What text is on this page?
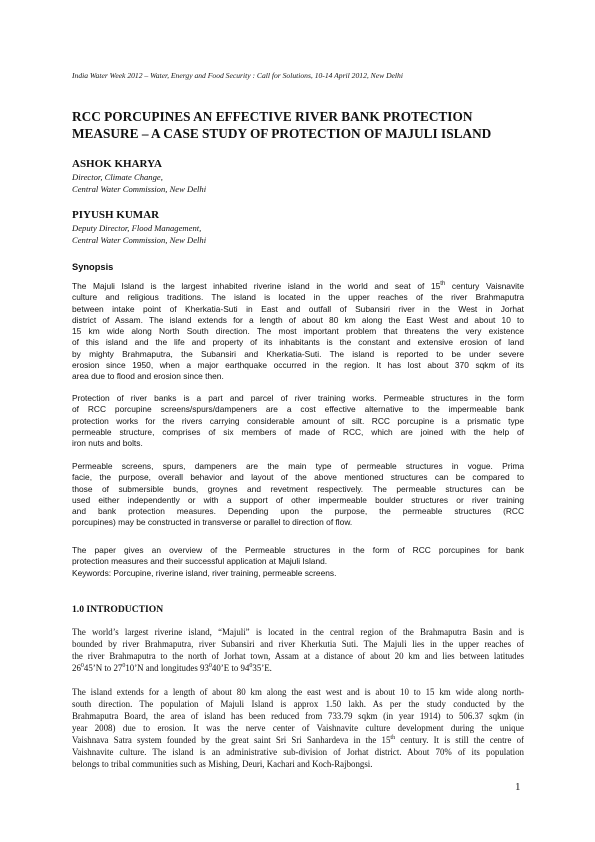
India Water Week 2012 – Water, Energy and Food Security : Call for Solutions, 10-14 April 2012, New Delhi
RCC PORCUPINES AN EFFECTIVE RIVER BANK PROTECTION
MEASURE – A CASE STUDY OF PROTECTION OF MAJULI ISLAND
ASHOK KHARYA
Director, Climate Change,
Central Water Commission, New Delhi
PIYUSH KUMAR
Deputy Director, Flood Management,
Central Water Commission, New Delhi
Synopsis
The Majuli Island is the largest inhabited riverine island in the world and seat of 15th century Vaisnavite
culture and religious traditions. The island is located in the upper reaches of the river Brahmaputra
between intake point of Kherkatia-Suti in East and outfall of Subansiri river in the West in Jorhat
district of Assam. The island extends for a length of about 80 km along the East West and about 10 to
15 km wide along North South direction. The most important problem that threatens the very existence
of this island and the life and property of its inhabitants is the constant and extensive erosion of land
by mighty Brahmaputra, the Subansiri and Kherkatia-Suti. The island is reported to be under severe
erosion since 1950, when a major earthquake occurred in the region. It has lost about 370 sqkm of its
area due to flood and erosion since then.
Protection of river banks is a part and parcel of river training works. Permeable structures in the form
of RCC porcupine screens/spurs/dampeners are a cost effective alternative to the impermeable bank
protection works for the rivers carrying considerable amount of silt. RCC porcupine is a prismatic type
permeable structure, comprises of six members of made of RCC, which are joined with the help of
iron nuts and bolts.
Permeable screens, spurs, dampeners are the main type of permeable structures in vogue. Prima
facie, the purpose, overall behavior and layout of the above mentioned structures can be compared to
those of submersible bunds, groynes and revetment respectively. The permeable structures can be
used either independently or with a support of other impermeable boulder structures or river training
and bank protection measures. Depending upon the purpose, the permeable structures (RCC
porcupines) may be constructed in transverse or parallel to direction of flow.
The paper gives an overview of the Permeable structures in the form of RCC porcupines for bank
protection measures and their successful application at Majuli Island.
Keywords: Porcupine, riverine island, river training, permeable screens.
1.0 INTRODUCTION
The world’s largest riverine island, “Majuli” is located in the central region of the Brahmaputra Basin and is
bounded by river Brahmaputra, river Subansiri and river Kherkutia Suti. The Majuli lies in the upper reaches of
the river Brahmaputra to the north of Jorhat town, Assam at a distance of about 20 km and lies between latitudes
$26^045’N$ to $27^010’N$ and longitudes $93^040’E$ to $94^035’E$.
The island extends for a length of about 80 km along the east west and is about 10 to 15 km wide along north-
south direction. The population of Majuli Island is approx 1.50 lakh. As per the study conducted by the
Brahmaputra Board, the area of island has been reduced from 733.79 sqkm (in year 1914) to 506.37 sqkm (in
year 2008) due to erosion. It was the nerve center of Vaishnavite culture development during the unique
Vaishnava Satra system founded by the great saint Sri Sri Sanhardeva in the 15th century. It is still the centre of
Vaishnavite culture. The island is an administrative sub-division of Jorhat district. About 70% of its population
belongs to tribal communities such as Mishing, Deuri, Kachari and Koch-Rajbongsi.
1
